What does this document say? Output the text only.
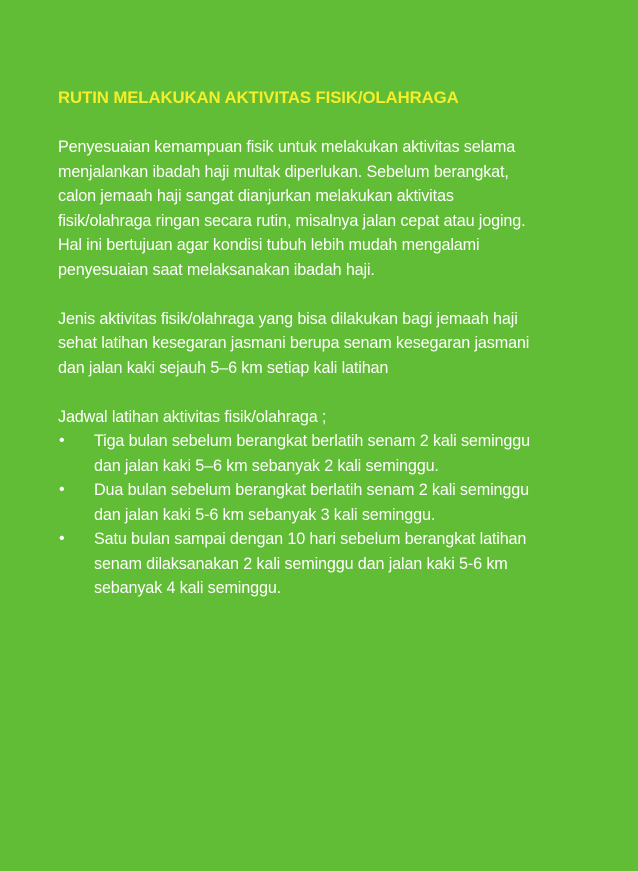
RUTIN MELAKUKAN AKTIVITAS FISIK/OLAHRAGA

Penyesuaian kemampuan fisik untuk melakukan aktivitas selama menjalankan ibadah haji multak diperlukan. Sebelum berangkat, calon jemaah haji sangat dianjurkan melakukan aktivitas fisik/olahraga ringan secara rutin, misalnya jalan cepat atau joging. Hal ini bertujuan agar kondisi tubuh lebih mudah mengalami penyesuaian saat melaksanakan ibadah haji.

Jenis aktivitas fisik/olahraga yang bisa dilakukan bagi jemaah haji sehat latihan kesegaran jasmani berupa senam kesegaran jasmani dan jalan kaki sejauh 5–6 km setiap kali latihan

Jadwal latihan aktivitas fisik/olahraga ;

• Tiga bulan sebelum berangkat berlatih senam 2 kali seminggu dan jalan kaki 5–6 km sebanyak 2 kali seminggu.
• Dua bulan sebelum berangkat berlatih senam 2 kali seminggu dan jalan kaki 5-6 km sebanyak 3 kali seminggu.
• Satu bulan sampai dengan 10 hari sebelum berangkat latihan senam dilaksanakan 2 kali seminggu dan jalan kaki 5-6 km sebanyak 4 kali seminggu.
